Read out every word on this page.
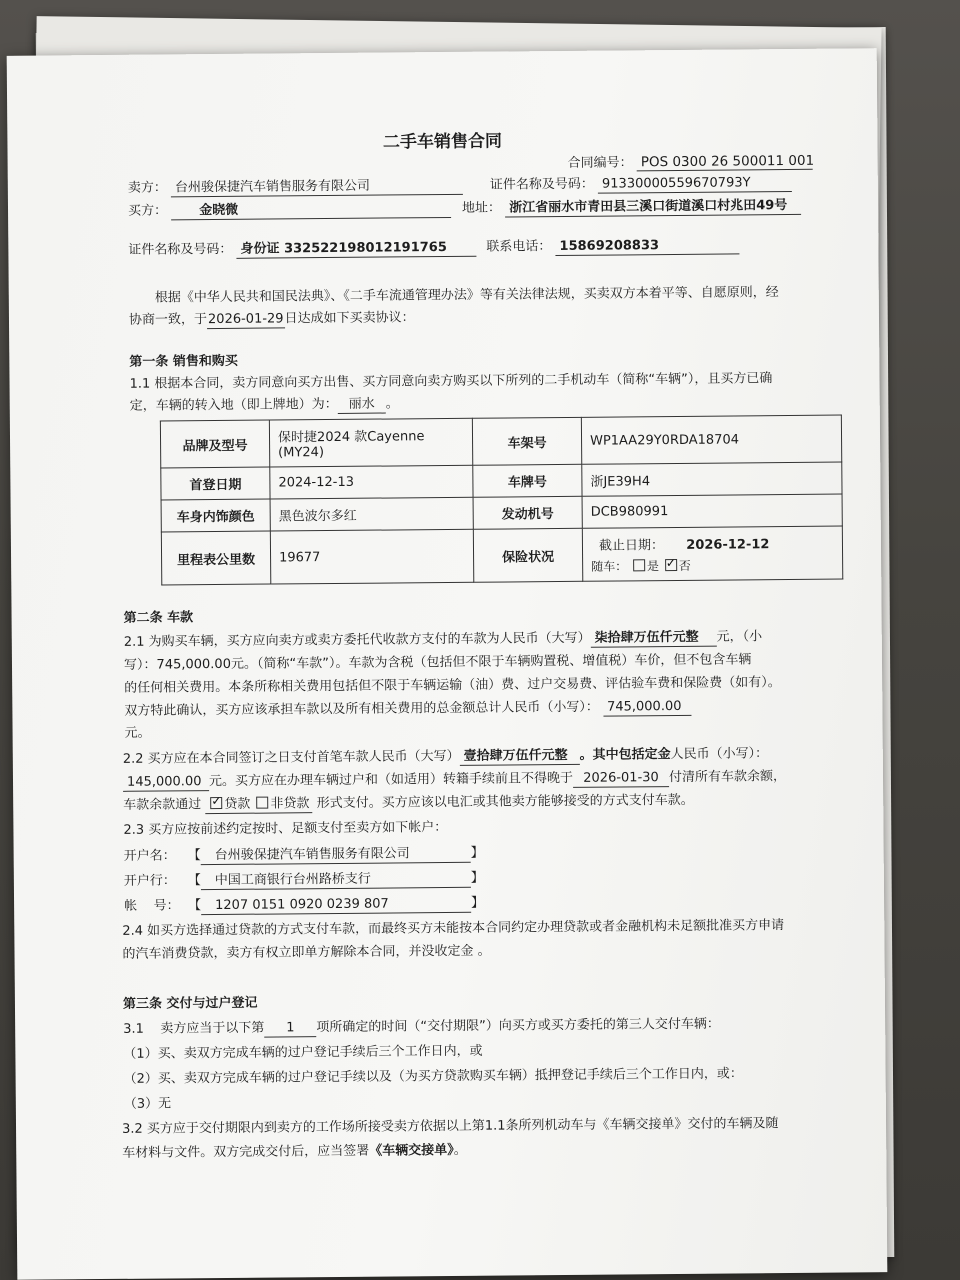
二手车销售合同
合同编号： POS 0300 26 500011 001
卖方： 台州骏保捷汽车销售服务有限公司	证件名称及号码： 91330000559670793Y
买方： 金晓微	地址： 浙江省丽水市青田县三溪口街道溪口村兆田49号
证件名称及号码： 身份证 332522198012191765	联系电话： 15869208833
根据《中华人民共和国民法典》、《二手车流通管理办法》等有关法律法规，买卖双方本着平等、自愿原则，经
协商一致，于2026-01-29日达成如下买卖协议：
第一条 销售和购买
1.1 根据本合同，卖方同意向买方出售、买方同意向卖方购买以下所列的二手机动车（简称“车辆”），且买方已确
定，车辆的转入地（即上牌地）为： 丽水 。
品牌及型号	保时捷2024 款Cayenne
(MY24)	车架号	WP1AA29Y0RDA18704
首登日期	2024-12-13	车牌号	浙JE39H4
车身内饰颜色	黑色波尔多红	发动机号	DCB980991
里程表公里数	19677	保险状况	截止日期： 2026-12-12
随车： 是 ✓ 否
第二条 车款
2.1 为购买车辆，买方应向卖方或卖方委托代收款方支付的车款为人民币（大写） 柒拾肆万伍仟元整 元，（小
写）：745,000.00元。（简称“车款”）。车款为含税（包括但不限于车辆购置税、增值税）车价，但不包含车辆
的任何相关费用。本条所称相关费用包括但不限于车辆运输（油）费、过户交易费、评估验车费和保险费（如有）。
双方特此确认，买方应该承担车款以及所有相关费用的总金额总计人民币（小写）： 745,000.00
元。
2.2 买方应在本合同签订之日支付首笔车款人民币（大写） 壹拾肆万伍仟元整 。其中包括定金人民币（小写）：
145,000.00 元。买方应在办理车辆过户和（如适用）转籍手续前且不得晚于 2026-01-30 付清所有车款余额，
车款余款通过 ✓ 贷款 非贷款 形式支付。买方应该以电汇或其他卖方能够接受的方式支付车款。
2.3 买方应按前述约定按时、足额支付至卖方如下帐户：
开户名： 【 台州骏保捷汽车销售服务有限公司	】
开户行： 【 中国工商银行台州路桥支行	】
帐    号： 【 1207 0151 0920 0239 807	】
2.4 如买方选择通过贷款的方式支付车款，而最终买方未能按本合同约定办理贷款或者金融机构未足额批准买方申请
的汽车消费贷款，卖方有权立即单方解除本合同，并没收定金 。
第三条 交付与过户登记
3.1    卖方应当于以下第 1 项所确定的时间（“交付期限”）向买方或买方委托的第三人交付车辆：
（1）买、卖双方完成车辆的过户登记手续后三个工作日内，或
（2）买、卖双方完成车辆的过户登记手续以及（为买方贷款购买车辆）抵押登记手续后三个工作日内，或：
（3）无
3.2 买方应于交付期限内到卖方的工作场所接受卖方依据以上第1.1条所列机动车与《车辆交接单》交付的车辆及随
车材料与文件。双方完成交付后，应当签署《车辆交接单》。
